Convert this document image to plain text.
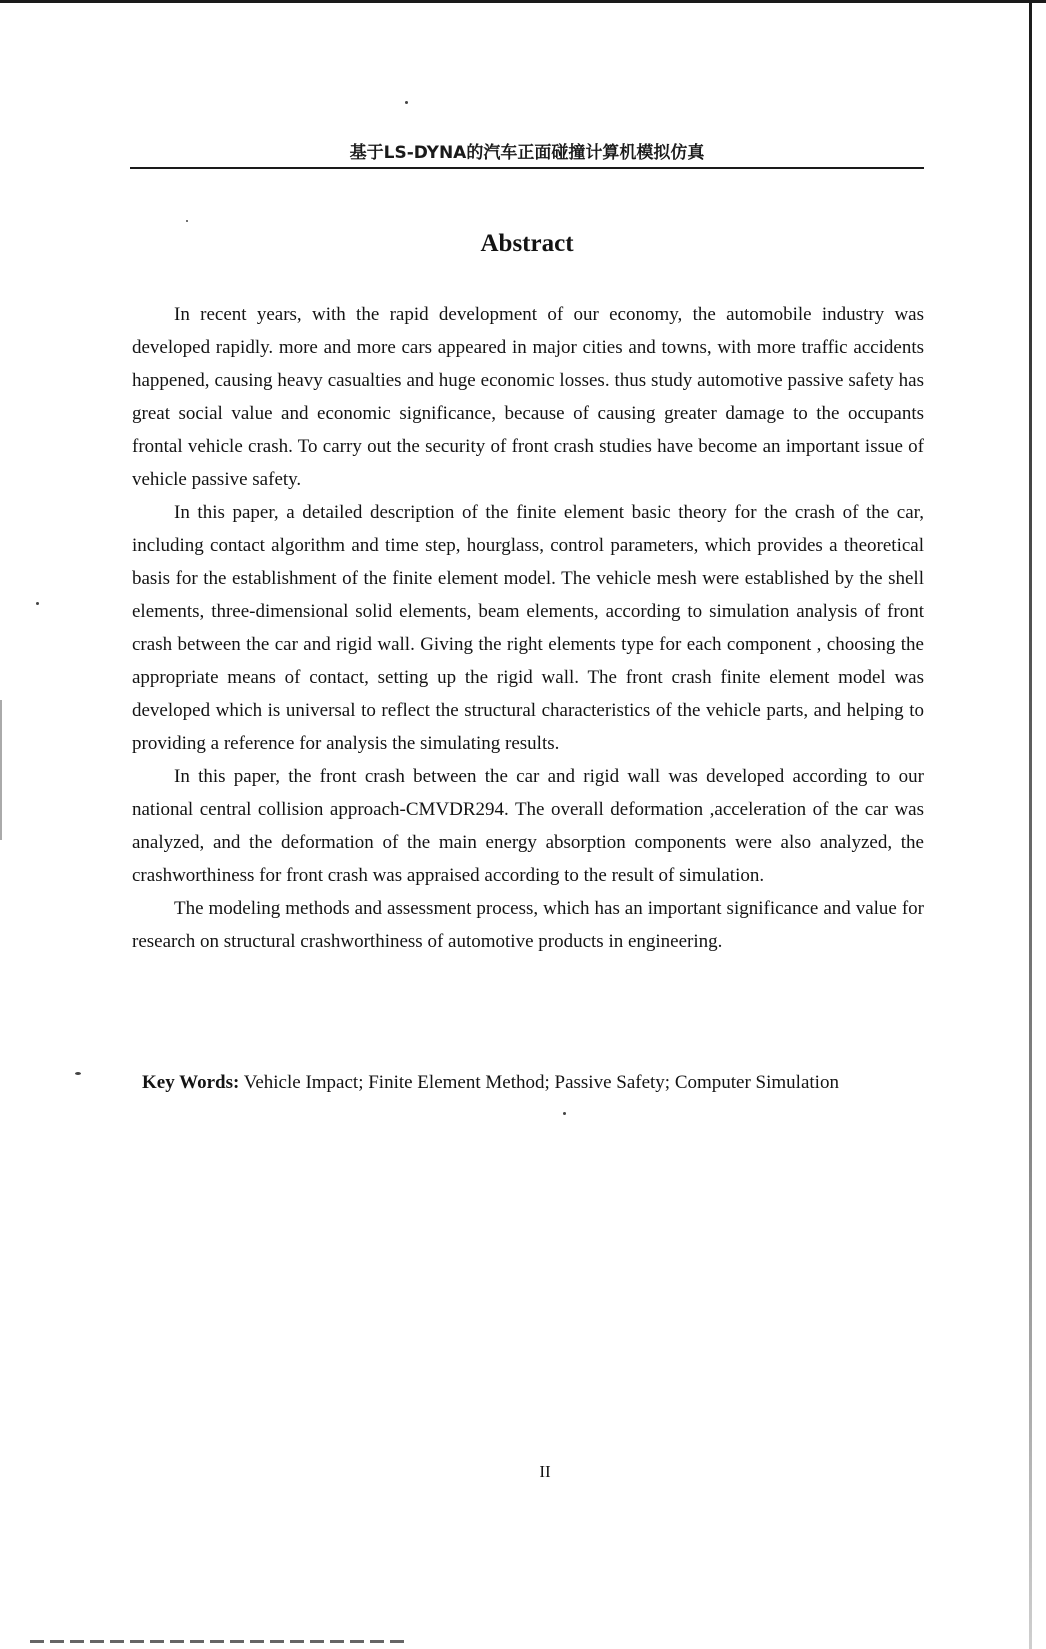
基于LS-DYNA的汽车正面碰撞计算机模拟仿真
Abstract

In recent years, with the rapid development of our economy, the automobile industry was developed rapidly. more and more cars appeared in major cities and towns, with more traffic accidents happened, causing heavy casualties and huge economic losses. thus study automotive passive safety has great social value and economic significance, because of causing greater damage to the occupants frontal vehicle crash. To carry out the security of front crash studies have become an important issue of vehicle passive safety.

In this paper, a detailed description of the finite element basic theory for the crash of the car, including contact algorithm and time step, hourglass, control parameters, which provides a theoretical basis for the establishment of the finite element model. The vehicle mesh were established by the shell elements, three-dimensional solid elements, beam elements, according to simulation analysis of front crash between the car and rigid wall. Giving the right elements type for each component , choosing the appropriate means of contact, setting up the rigid wall. The front crash finite element model was developed which is universal to reflect the structural characteristics of the vehicle parts, and helping to providing a reference for analysis the simulating results.

In this paper, the front crash between the car and rigid wall was developed according to our national central collision approach-CMVDR294. The overall deformation ,acceleration of the car was analyzed, and the deformation of the main energy absorption components were also analyzed, the crashworthiness for front crash was appraised according to the result of simulation.

The modeling methods and assessment process, which has an important significance and value for research on structural crashworthiness of automotive products in engineering.

Key Words: Vehicle Impact; Finite Element Method; Passive Safety; Computer Simulation
II
